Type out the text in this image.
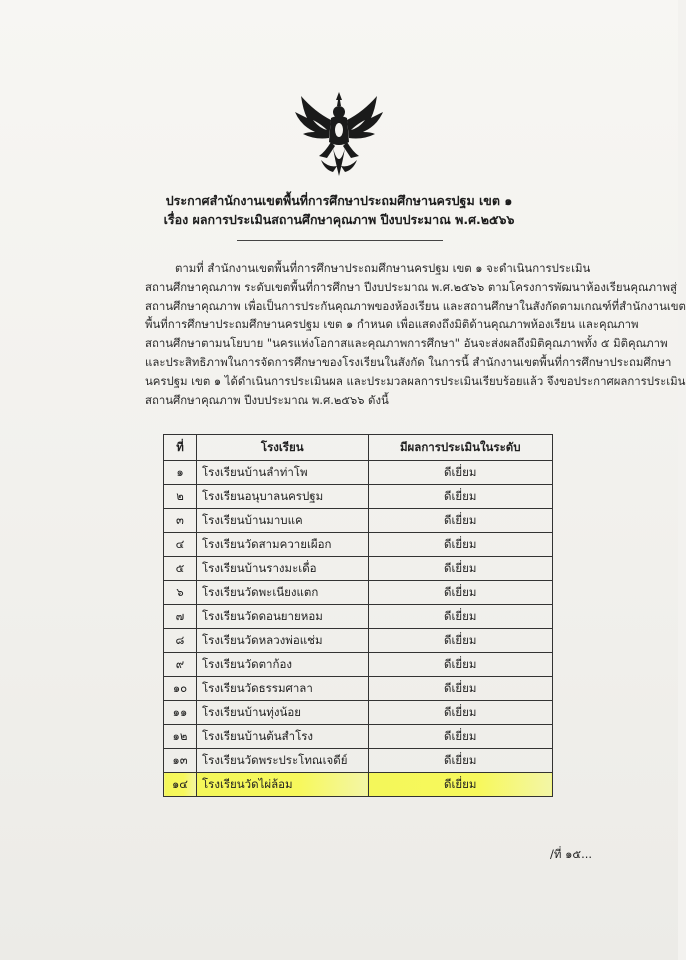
ประกาศสำนักงานเขตพื้นที่การศึกษาประถมศึกษานครปฐม เขต ๑
เรื่อง ผลการประเมินสถานศึกษาคุณภาพ ปีงบประมาณ พ.ศ.๒๕๖๖
ตามที่ สำนักงานเขตพื้นที่การศึกษาประถมศึกษานครปฐม เขต ๑ จะดำเนินการประเมิน
สถานศึกษาคุณภาพ ระดับเขตพื้นที่การศึกษา ปีงบประมาณ พ.ศ.๒๕๖๖ ตามโครงการพัฒนาห้องเรียนคุณภาพสู่
สถานศึกษาคุณภาพ เพื่อเป็นการประกันคุณภาพของห้องเรียน และสถานศึกษาในสังกัดตามเกณฑ์ที่สำนักงานเขต
พื้นที่การศึกษาประถมศึกษานครปฐม เขต ๑ กำหนด เพื่อแสดงถึงมิติด้านคุณภาพห้องเรียน และคุณภาพ
สถานศึกษาตามนโยบาย "นครแห่งโอกาสและคุณภาพการศึกษา" อันจะส่งผลถึงมิติคุณภาพทั้ง ๕ มิติคุณภาพ
และประสิทธิภาพในการจัดการศึกษาของโรงเรียนในสังกัด ในการนี้ สำนักงานเขตพื้นที่การศึกษาประถมศึกษา
นครปฐม เขต ๑ ได้ดำเนินการประเมินผล และประมวลผลการประเมินเรียบร้อยแล้ว จึงขอประกาศผลการประเมิน
สถานศึกษาคุณภาพ ปีงบประมาณ พ.ศ.๒๕๖๖ ดังนี้
ที่	โรงเรียน	มีผลการประเมินในระดับ
๑	โรงเรียนบ้านลำท่าโพ	ดีเยี่ยม
๒	โรงเรียนอนุบาลนครปฐม	ดีเยี่ยม
๓	โรงเรียนบ้านมาบแค	ดีเยี่ยม
๔	โรงเรียนวัดสามควายเผือก	ดีเยี่ยม
๕	โรงเรียนบ้านรางมะเดื่อ	ดีเยี่ยม
๖	โรงเรียนวัดพะเนียงแตก	ดีเยี่ยม
๗	โรงเรียนวัดดอนยายหอม	ดีเยี่ยม
๘	โรงเรียนวัดหลวงพ่อแช่ม	ดีเยี่ยม
๙	โรงเรียนวัดตาก้อง	ดีเยี่ยม
๑๐	โรงเรียนวัดธรรมศาลา	ดีเยี่ยม
๑๑	โรงเรียนบ้านทุ่งน้อย	ดีเยี่ยม
๑๒	โรงเรียนบ้านต้นสำโรง	ดีเยี่ยม
๑๓	โรงเรียนวัดพระประโทณเจดีย์	ดีเยี่ยม
๑๔	โรงเรียนวัดไผ่ล้อม	ดีเยี่ยม
/ที่ ๑๕...
